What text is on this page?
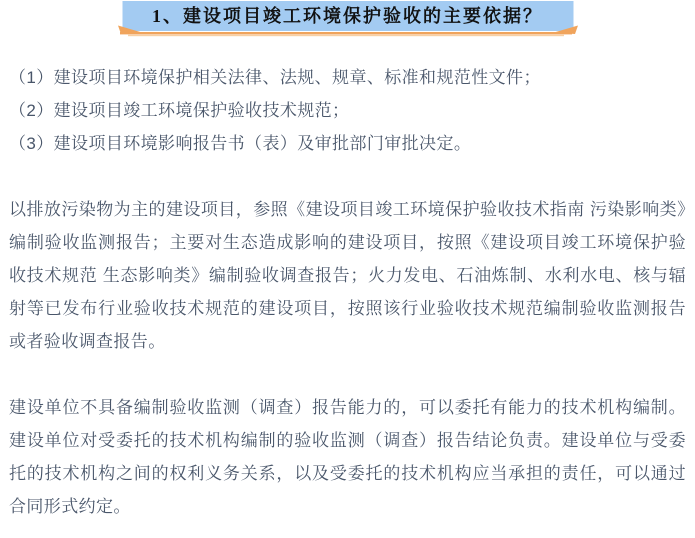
1、建设项目竣工环境保护验收的主要依据？

（1）建设项目环境保护相关法律、法规、规章、标准和规范性文件；

（2）建设项目竣工环境保护验收技术规范；

（3）建设项目环境影响报告书（表）及审批部门审批决定。

以排放污染物为主的建设项目，参照《建设项目竣工环境保护验收技术指南 污染影响类》编制验收监测报告；主要对生态造成影响的建设项目，按照《建设项目竣工环境保护验收技术规范 生态影响类》编制验收调查报告；火力发电、石油炼制、水利水电、核与辐射等已发布行业验收技术规范的建设项目，按照该行业验收技术规范编制验收监测报告或者验收调查报告。

建设单位不具备编制验收监测（调查）报告能力的，可以委托有能力的技术机构编制。建设单位对受委托的技术机构编制的验收监测（调查）报告结论负责。建设单位与受委托的技术机构之间的权利义务关系，以及受委托的技术机构应当承担的责任，可以通过合同形式约定。
